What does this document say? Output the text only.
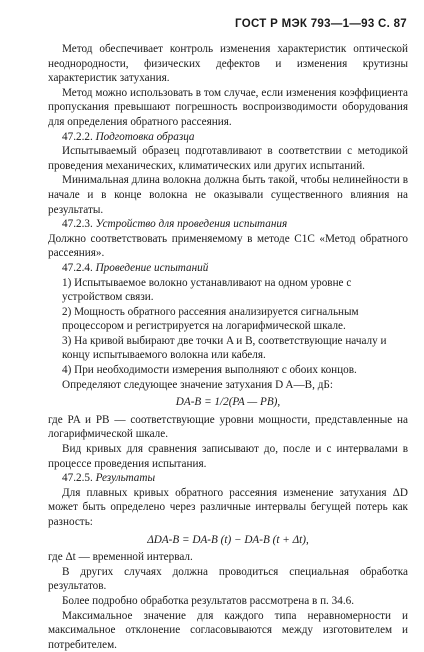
ГОСТ Р МЭК 793—1—93 С. 87

Метод обеспечивает контроль изменения характеристик оптической неоднородности, физических дефектов и изменения крутизны характеристик затухания.

Метод можно использовать в том случае, если изменения коэффициента пропускания превышают погрешность воспроизводимости оборудования для определения обратного рассеяния.

47.2.2. Подготовка образца

Испытываемый образец подготавливают в соответствии с методикой проведения механических, климатических или других испытаний.

Минимальная длина волокна должна быть такой, чтобы нелинейности в начале и в конце волокна не оказывали существенного влияния на результаты.

47.2.3. Устройство для проведения испытания

Должно соответствовать применяемому в методе С1С «Метод обратного рассеяния».

47.2.4. Проведение испытаний

1) Испытываемое волокно устанавливают на одном уровне с устройством связи.

2) Мощность обратного рассеяния анализируется сигнальным процессором и регистрируется на логарифмической шкале.

3) На кривой выбирают две точки A и B, соответствующие началу и концу испытываемого волокна или кабеля.

4) При необходимости измерения выполняют с обоих концов.

Определяют следующее значение затухания D A—B, дБ:

DA-B = 1/2(PA — PB),

где PA и PB — соответствующие уровни мощности, представленные на логарифмической шкале.

Вид кривых для сравнения записывают до, после и с интервалами в процессе проведения испытания.

47.2.5. Результаты

Для плавных кривых обратного рассеяния изменение затухания ΔD может быть определено через различные интервалы бегущей потерь как разность:

ΔDA-B = DA-B (t) − DA-B (t + Δt),

где Δt — временной интервал.

В других случаях должна проводиться специальная обработка результатов.

Более подробно обработка результатов рассмотрена в п. 34.6.

Максимальное значение для каждого типа неравномерности и максимальное отклонение согласовываются между изготовителем и потребителем.
